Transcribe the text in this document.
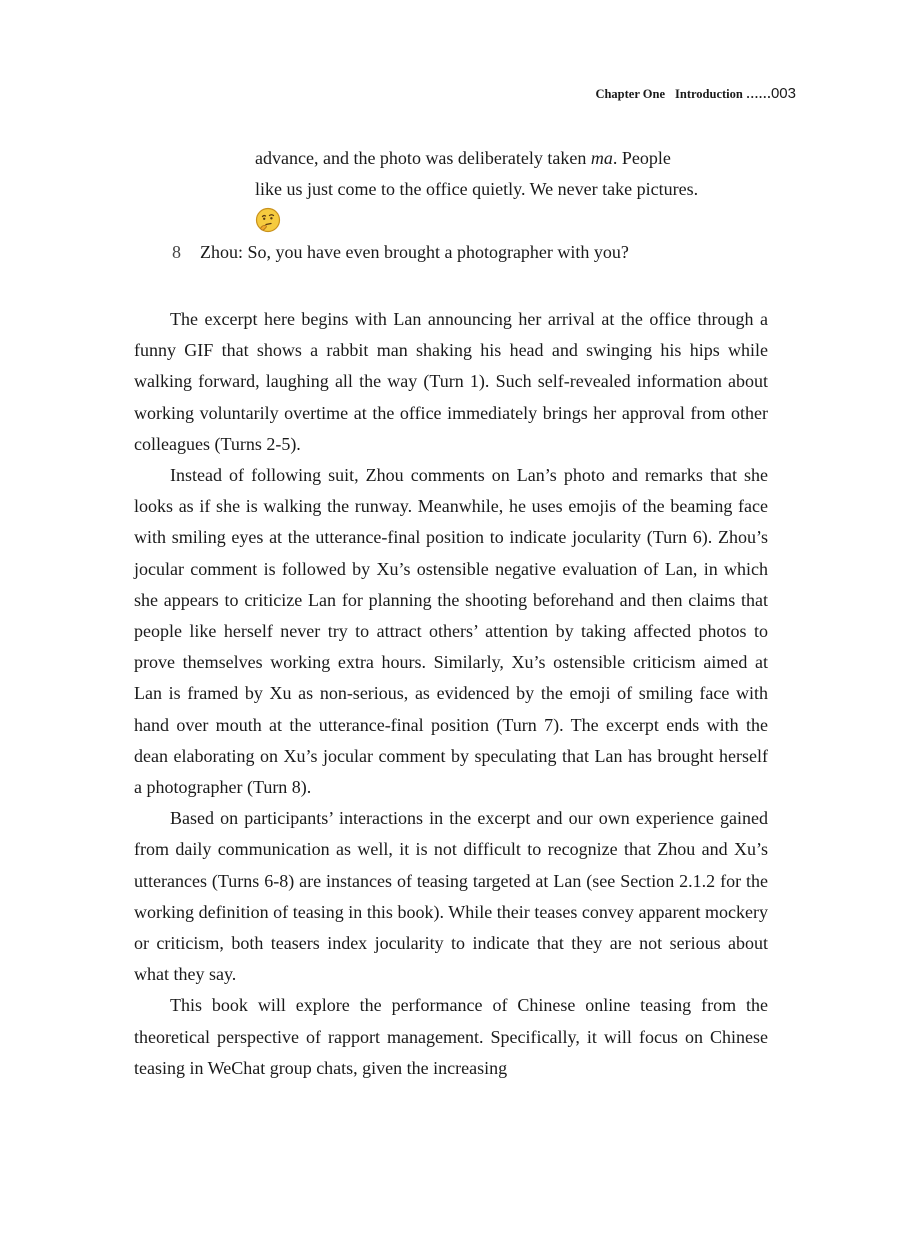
Chapter One Introduction ……003
advance, and the photo was deliberately taken ma. People
like us just come to the office quietly. We never take pictures.
8 Zhou: So, you have even brought a photographer with you?

The excerpt here begins with Lan announcing her arrival at the office through a funny GIF that shows a rabbit man shaking his head and swinging his hips while walking forward, laughing all the way (Turn 1). Such self-revealed information about working voluntarily overtime at the office immediately brings her approval from other colleagues (Turns 2-5).

Instead of following suit, Zhou comments on Lan’s photo and remarks that she looks as if she is walking the runway. Meanwhile, he uses emojis of the beaming face with smiling eyes at the utterance-final position to indicate jocularity (Turn 6). Zhou’s jocular comment is followed by Xu’s ostensible negative evaluation of Lan, in which she appears to criticize Lan for planning the shooting beforehand and then claims that people like herself never try to attract others’ attention by taking affected photos to prove themselves working extra hours. Similarly, Xu’s ostensible criticism aimed at Lan is framed by Xu as non-serious, as evidenced by the emoji of smiling face with hand over mouth at the utterance-final position (Turn 7). The excerpt ends with the dean elaborating on Xu’s jocular comment by speculating that Lan has brought herself a photographer (Turn 8).

Based on participants’ interactions in the excerpt and our own experience gained from daily communication as well, it is not difficult to recognize that Zhou and Xu’s utterances (Turns 6-8) are instances of teasing targeted at Lan (see Section 2.1.2 for the working definition of teasing in this book). While their teases convey apparent mockery or criticism, both teasers index jocularity to indicate that they are not serious about what they say.

This book will explore the performance of Chinese online teasing from the theoretical perspective of rapport management. Specifically, it will focus on Chinese teasing in WeChat group chats, given the increasing
